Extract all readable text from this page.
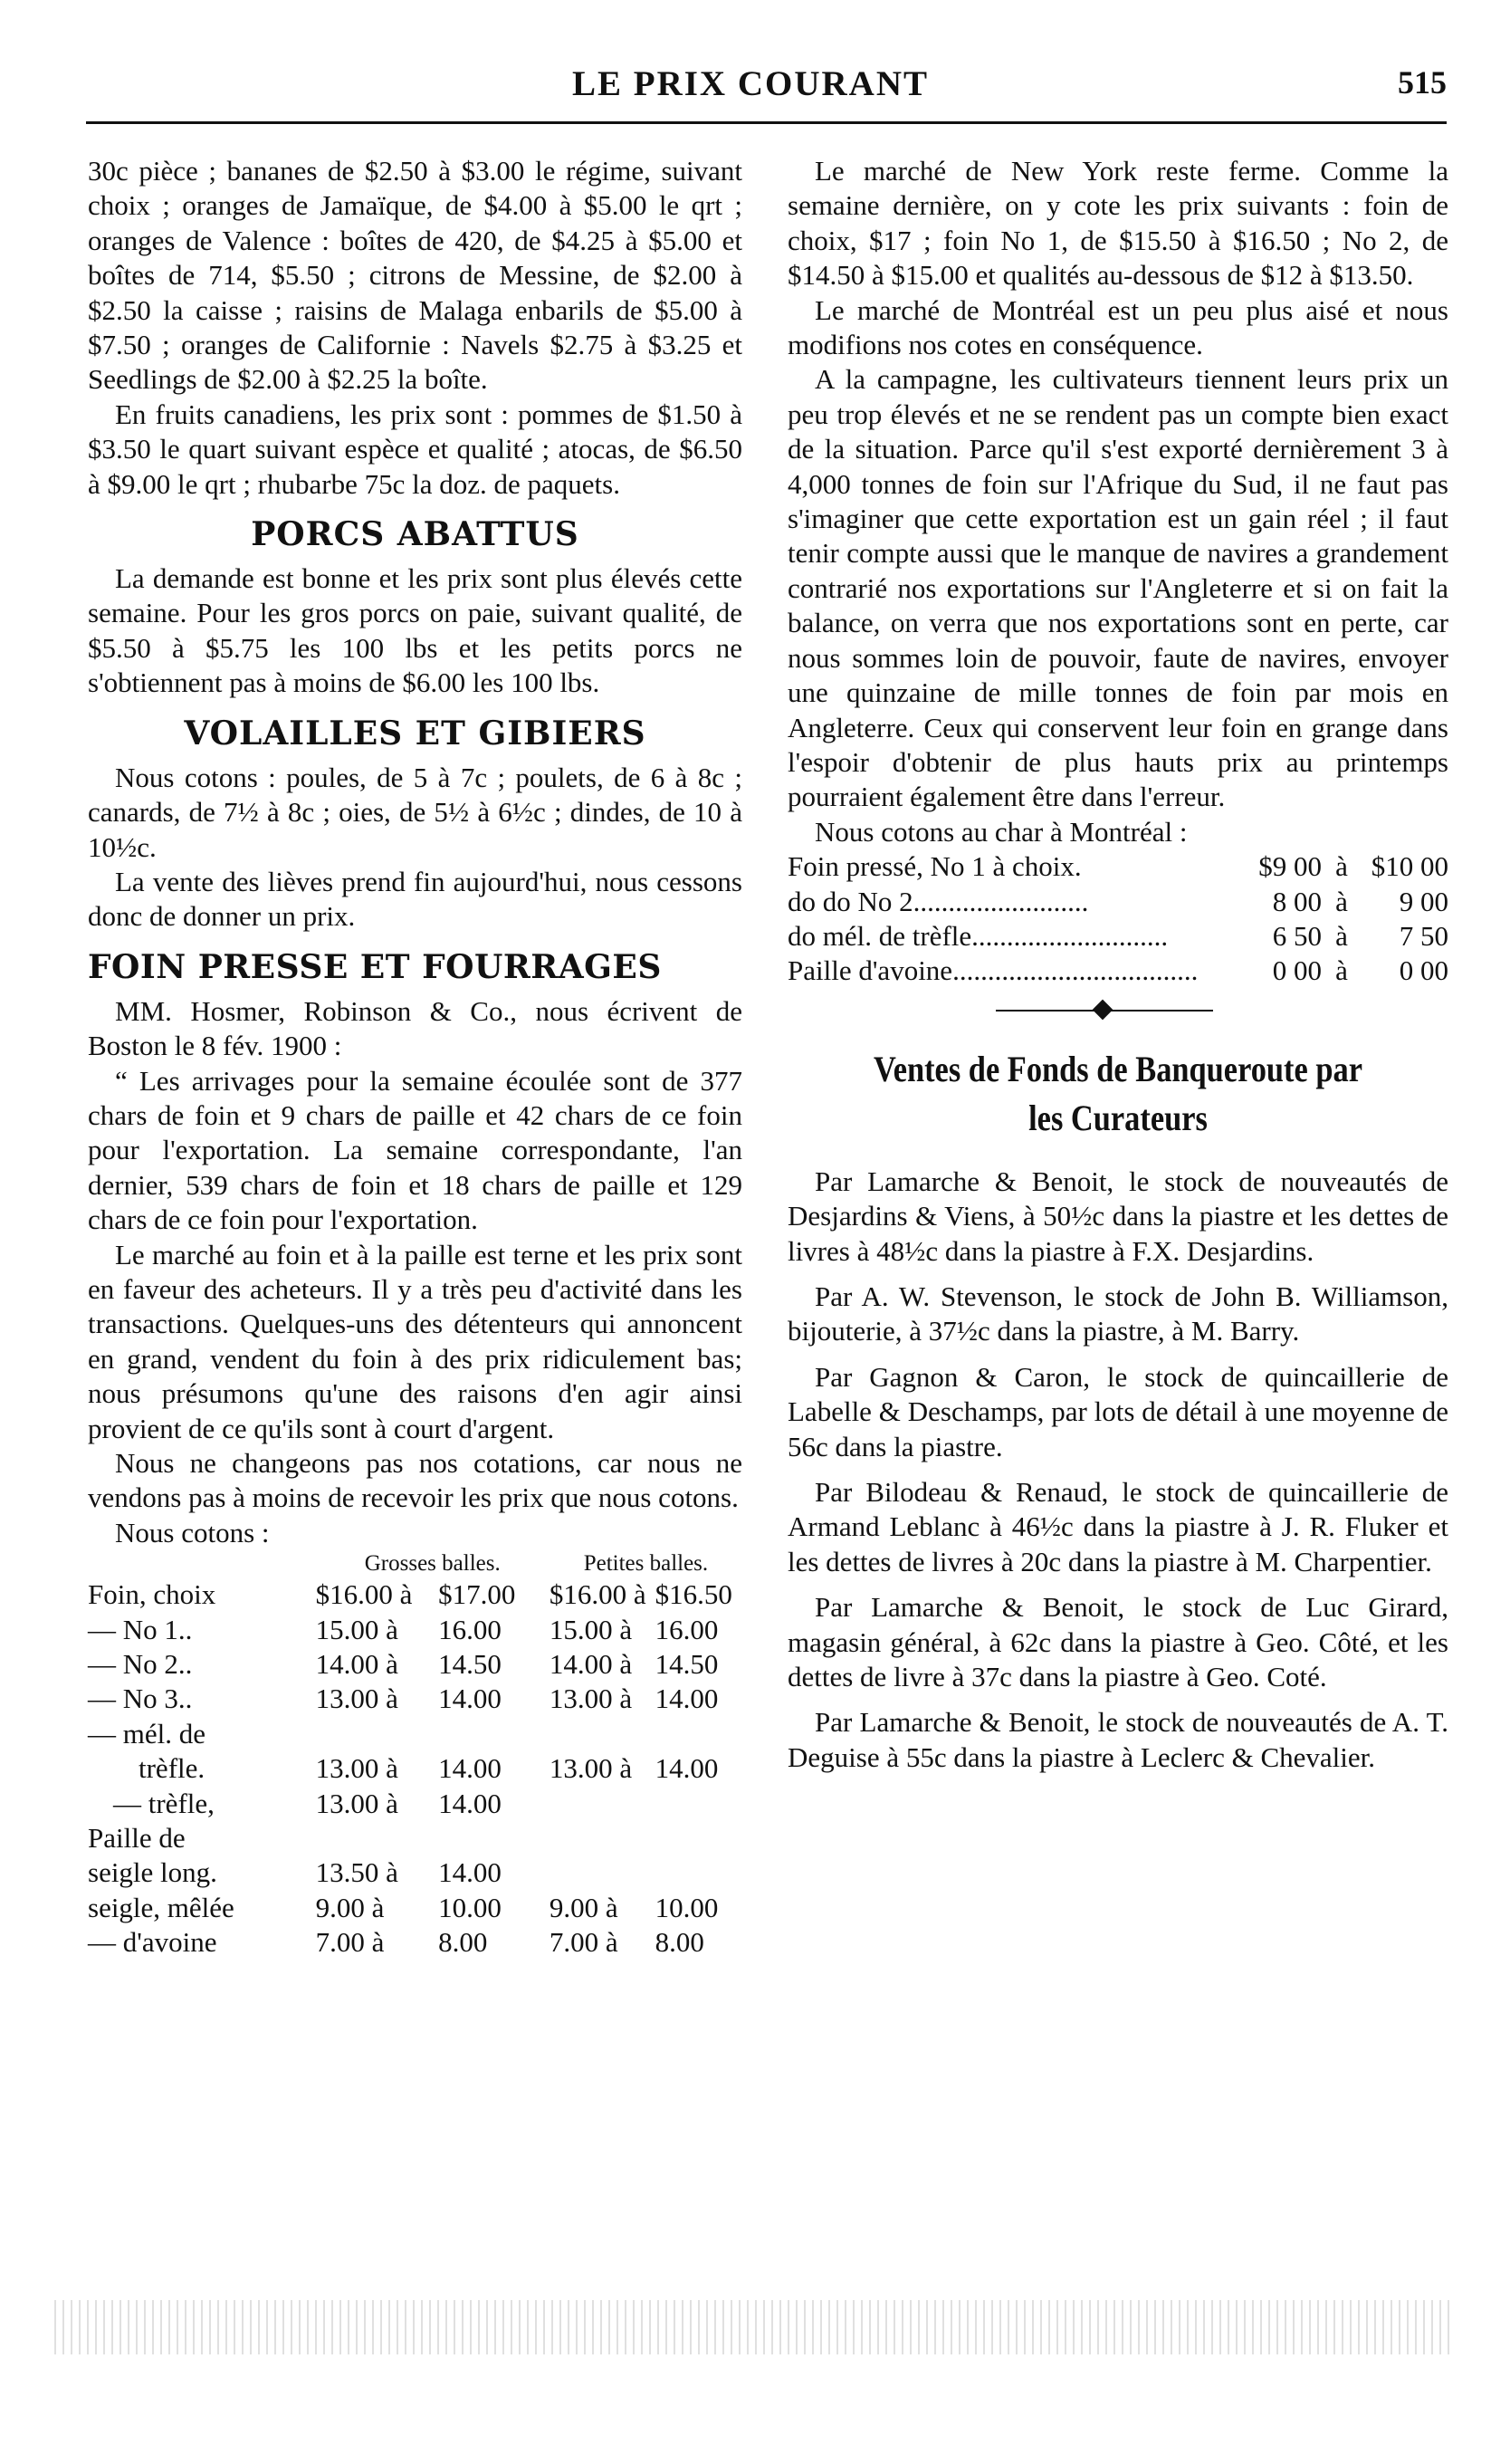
LE PRIX COURANT	515

30c pièce ; bananes de $2.50 à $3.00 le régime, suivant choix ; oranges de Jamaïque, de $4.00 à $5.00 le qrt ; oranges de Valence : boîtes de 420, de $4.25 à $5.00 et boîtes de 714, $5.50 ; citrons de Messine, de $2.00 à $2.50 la caisse ; raisins de Malaga enbarils de $5.00 à $7.50 ; oranges de Californie : Navels $2.75 à $3.25 et Seedlings de $2.00 à $2.25 la boîte.

En fruits canadiens, les prix sont : pommes de $1.50 à $3.50 le quart suivant espèce et qualité ; atocas, de $6.50 à $9.00 le qrt ; rhubarbe 75c la doz. de paquets.

PORCS ABATTUS

La demande est bonne et les prix sont plus élevés cette semaine. Pour les gros porcs on paie, suivant qualité, de $5.50 à $5.75 les 100 lbs et les petits porcs ne s'obtiennent pas à moins de $6.00 les 100 lbs.

VOLAILLES ET GIBIERS

Nous cotons : poules, de 5 à 7c ; poulets, de 6 à 8c ; canards, de 7½ à 8c ; oies, de 5½ à 6½c ; dindes, de 10 à 10½c.

La vente des lièves prend fin aujourd'hui, nous cessons donc de donner un prix.

FOIN PRESSE ET FOURRAGES

MM. Hosmer, Robinson & Co., nous écrivent de Boston le 8 fév. 1900 :

“ Les arrivages pour la semaine écoulée sont de 377 chars de foin et 9 chars de paille et 42 chars de ce foin pour l'exportation. La semaine correspondante, l'an dernier, 539 chars de foin et 18 chars de paille et 129 chars de ce foin pour l'exportation.

Le marché au foin et à la paille est terne et les prix sont en faveur des acheteurs. Il y a très peu d'activité dans les transactions. Quelques-uns des détenteurs qui annoncent en grand, vendent du foin à des prix ridiculement bas; nous présumons qu'une des raisons d'en agir ainsi provient de ce qu'ils sont à court d'argent.

Nous ne changeons pas nos cotations, car nous ne vendons pas à moins de recevoir les prix que nous cotons.

Nous cotons :

	Grosses balles.		Petites balles.	
Foin, choix	$16.00 à	$17.00	$16.00 à	$16.50
— No 1..	15.00 à	16.00	15.00 à	16.00
— No 2..	14.00 à	14.50	14.00 à	14.50
— No 3..	13.00 à	14.00	13.00 à	14.00
— mél. de				
trèfle.	13.00 à	14.00	13.00 à	14.00
— trèfle,	13.00 à	14.00		
Paille de				
seigle long.	13.50 à	14.00		
seigle, mêlée	9.00 à	10.00	9.00 à	10.00
— d'avoine	7.00 à	8.00	7.00 à	8.00

Le marché de New York reste ferme. Comme la semaine dernière, on y cote les prix suivants : foin de choix, $17 ; foin No 1, de $15.50 à $16.50 ; No 2, de $14.50 à $15.00 et qualités au-dessous de $12 à $13.50.

Le marché de Montréal est un peu plus aisé et nous modifions nos cotes en conséquence.

A la campagne, les cultivateurs tiennent leurs prix un peu trop élevés et ne se rendent pas un compte bien exact de la situation. Parce qu'il s'est exporté dernièrement 3 à 4,000 tonnes de foin sur l'Afrique du Sud, il ne faut pas s'imaginer que cette exportation est un gain réel ; il faut tenir compte aussi que le manque de navires a grandement contrarié nos exportations sur l'Angleterre et si on fait la balance, on verra que nos exportations sont en perte, car nous sommes loin de pouvoir, faute de navires, envoyer une quinzaine de mille tonnes de foin par mois en Angleterre. Ceux qui conservent leur foin en grange dans l'espoir d'obtenir de plus hauts prix au printemps pourraient également être dans l'erreur.

Nous cotons au char à Montréal :

Foin pressé, No 1 à choix.	$9 00	à	$10 00
do do No 2.........................	8 00	à	9 00
do mél. de trèfle............................	6 50	à	7 50
Paille d'avoine...................................	0 00	à	0 00
Ventes de Fonds de Banqueroute par
les Curateurs

Par Lamarche & Benoit, le stock de nouveautés de Desjardins & Viens, à 50½c dans la piastre et les dettes de livres à 48½c dans la piastre à F.X. Desjardins.

Par A. W. Stevenson, le stock de John B. Williamson, bijouterie, à 37½c dans la piastre, à M. Barry.

Par Gagnon & Caron, le stock de quincaillerie de Labelle & Deschamps, par lots de détail à une moyenne de 56c dans la piastre.

Par Bilodeau & Renaud, le stock de quincaillerie de Armand Leblanc à 46½c dans la piastre à J. R. Fluker et les dettes de livres à 20c dans la piastre à M. Charpentier.

Par Lamarche & Benoit, le stock de Luc Girard, magasin général, à 62c dans la piastre à Geo. Côté, et les dettes de livre à 37c dans la piastre à Geo. Coté.

Par Lamarche & Benoit, le stock de nouveautés de A. T. Deguise à 55c dans la piastre à Leclerc & Chevalier.
